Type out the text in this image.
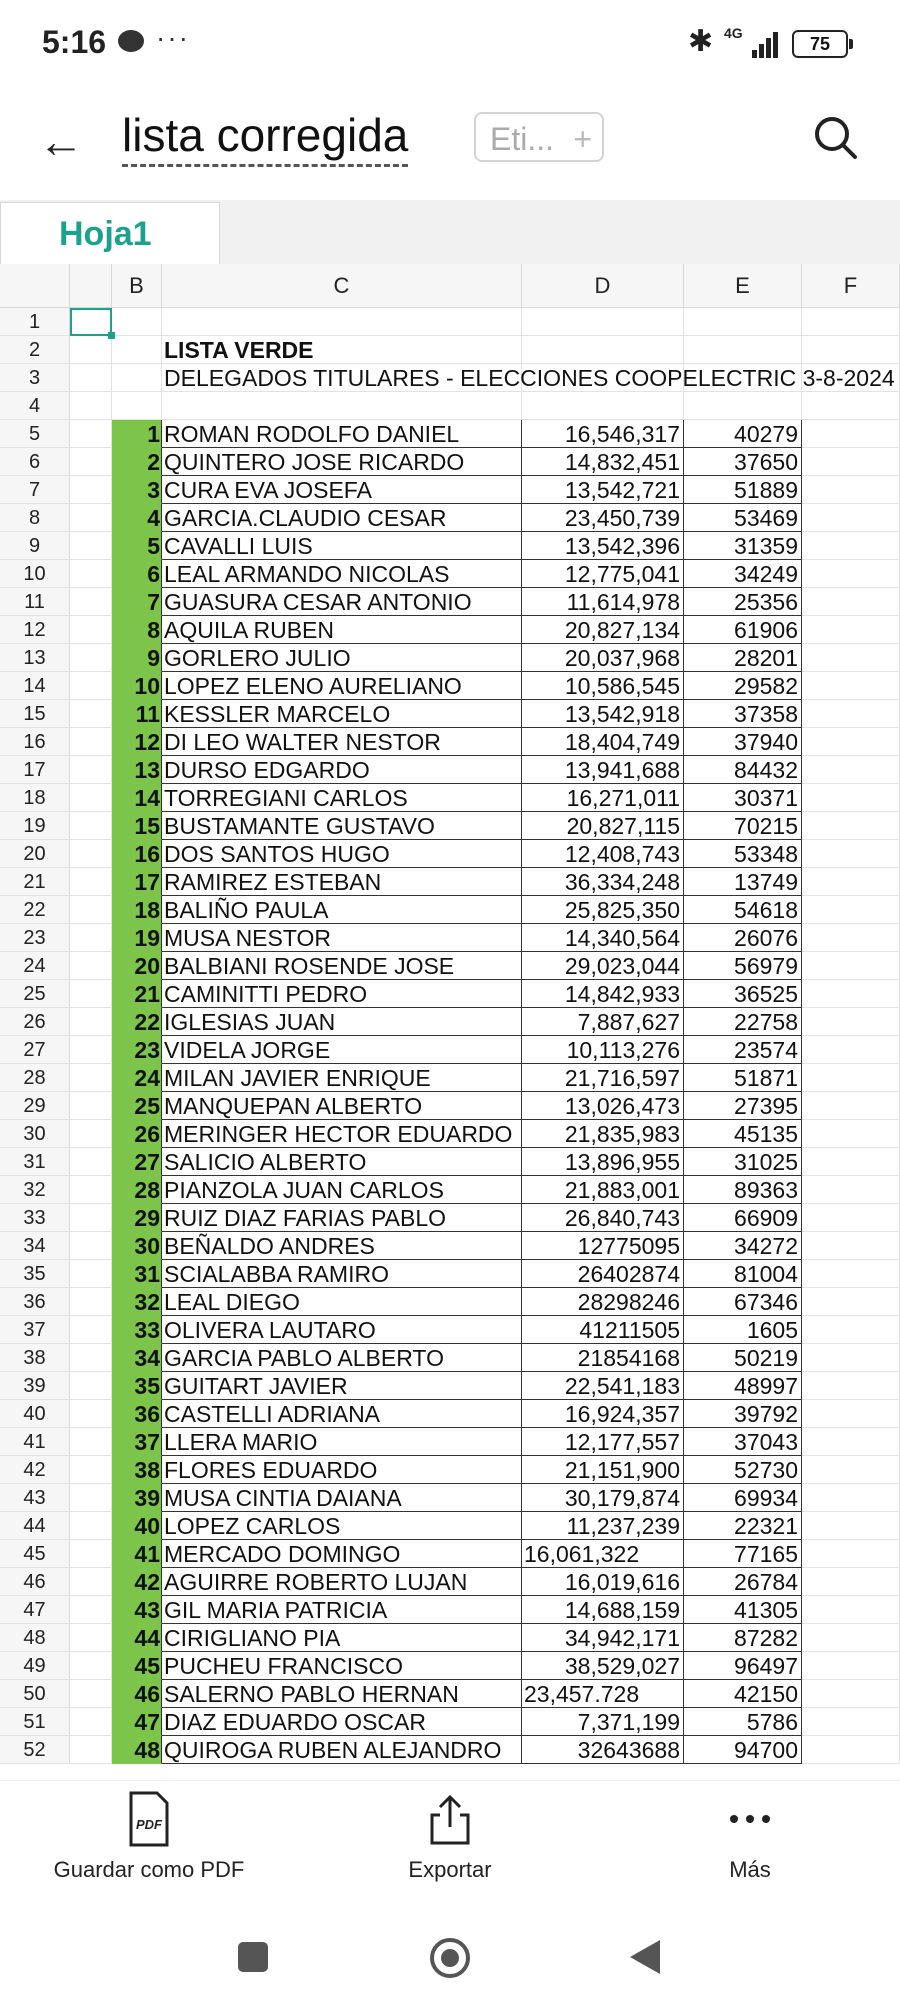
5:16 ···	✱ 4G
75
← lista corregida	Eti... +
Hoja1
B	C	D	E	F
1
2	LISTA VERDE
3	DELEGADOS TITULARES - ELECCIONES COOPELECTRIC 3-8-2024
4
5	1 ROMAN RODOLFO DANIEL	16,546,317	40279
6	2 QUINTERO JOSE RICARDO	14,832,451	37650
7	3 CURA EVA JOSEFA	13,542,721	51889
8	4 GARCIA.CLAUDIO CESAR	23,450,739	53469
9	5 CAVALLI LUIS	13,542,396	31359
10	6 LEAL ARMANDO NICOLAS	12,775,041	34249
11	7 GUASURA CESAR ANTONIO	11,614,978	25356
12	8 AQUILA RUBEN	20,827,134	61906
13	9 GORLERO JULIO	20,037,968	28201
14	10 LOPEZ ELENO AURELIANO	10,586,545	29582
15	11 KESSLER MARCELO	13,542,918	37358
16	12 DI LEO WALTER NESTOR	18,404,749	37940
17	13 DURSO EDGARDO	13,941,688	84432
18	14 TORREGIANI CARLOS	16,271,011	30371
19	15 BUSTAMANTE GUSTAVO	20,827,115	70215
20	16 DOS SANTOS HUGO	12,408,743	53348
21	17 RAMIREZ ESTEBAN	36,334,248	13749
22	18 BALIÑO PAULA	25,825,350	54618
23	19 MUSA NESTOR	14,340,564	26076
24	20 BALBIANI ROSENDE JOSE	29,023,044	56979
25	21 CAMINITTI PEDRO	14,842,933	36525
26	22 IGLESIAS JUAN	7,887,627	22758
27	23 VIDELA JORGE	10,113,276	23574
28	24 MILAN JAVIER ENRIQUE	21,716,597	51871
29	25 MANQUEPAN ALBERTO	13,026,473	27395
30	26 MERINGER HECTOR EDUARDO	21,835,983	45135
31	27 SALICIO ALBERTO	13,896,955	31025
32	28 PIANZOLA JUAN CARLOS	21,883,001	89363
33	29 RUIZ DIAZ FARIAS PABLO	26,840,743	66909
34	30 BEÑALDO ANDRES	12775095	34272
35	31 SCIALABBA RAMIRO	26402874	81004
36	32 LEAL DIEGO	28298246	67346
37	33 OLIVERA LAUTARO	41211505	1605
38	34 GARCIA PABLO ALBERTO	21854168	50219
39	35 GUITART JAVIER	22,541,183	48997
40	36 CASTELLI ADRIANA	16,924,357	39792
41	37 LLERA MARIO	12,177,557	37043
42	38 FLORES EDUARDO	21,151,900	52730
43	39 MUSA CINTIA DAIANA	30,179,874	69934
44	40 LOPEZ CARLOS	11,237,239	22321
45	41 MERCADO DOMINGO	16,061,322	77165
46	42 AGUIRRE ROBERTO LUJAN	16,019,616	26784
47	43 GIL MARIA PATRICIA	14,688,159	41305
48	44 CIRIGLIANO PIA	34,942,171	87282
49	45 PUCHEU FRANCISCO	38,529,027	96497
50	46 SALERNO PABLO HERNAN	23,457.728	42150
51	47 DIAZ EDUARDO OSCAR	7,371,199	5786
52	48 QUIROGA RUBEN ALEJANDRO	32643688	94700
PDF
Guardar como PDF	Exportar	Más
